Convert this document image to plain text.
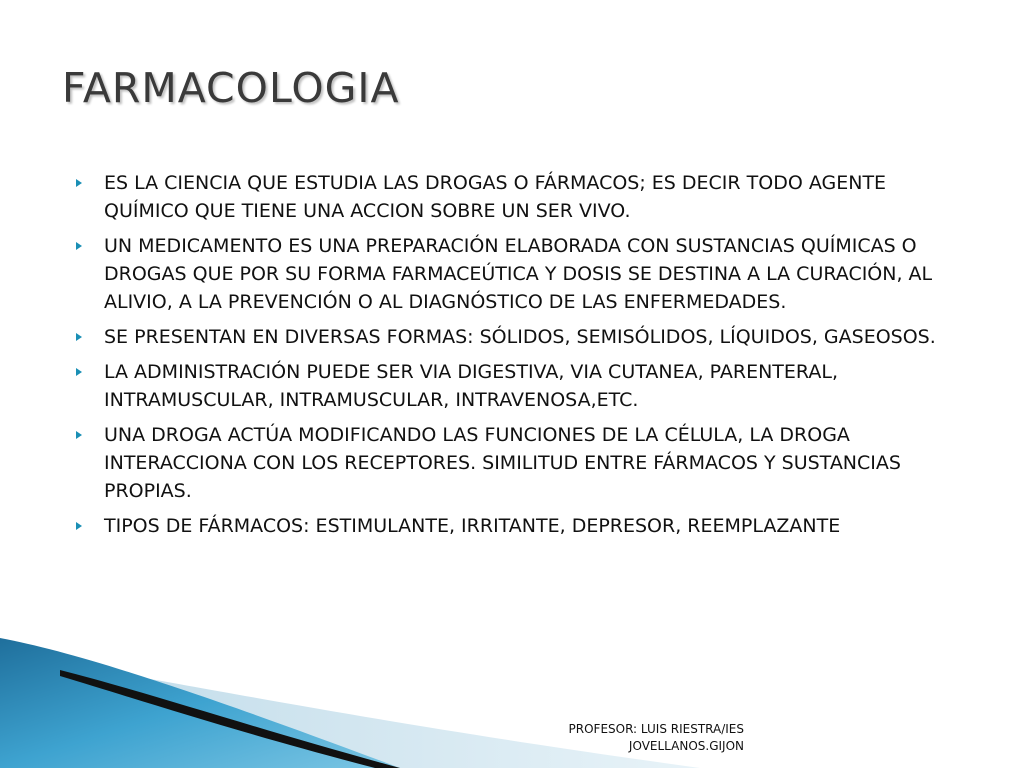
FARMACOLOGIA
ES LA CIENCIA QUE ESTUDIA LAS DROGAS O FÁRMACOS; ES DECIR TODO AGENTE QUÍMICO QUE TIENE UNA ACCION SOBRE UN SER VIVO.
UN MEDICAMENTO ES UNA PREPARACIÓN ELABORADA CON SUSTANCIAS QUÍMICAS O DROGAS QUE POR SU FORMA FARMACEÚTICA Y DOSIS SE DESTINA A LA CURACIÓN, AL ALIVIO, A LA PREVENCIÓN O AL DIAGNÓSTICO DE LAS ENFERMEDADES.
SE PRESENTAN EN DIVERSAS FORMAS: SÓLIDOS, SEMISÓLIDOS, LÍQUIDOS, GASEOSOS.
LA ADMINISTRACIÓN PUEDE SER VIA DIGESTIVA, VIA CUTANEA, PARENTERAL, INTRAMUSCULAR, INTRAMUSCULAR, INTRAVENOSA,ETC.
UNA DROGA ACTÚA MODIFICANDO LAS FUNCIONES DE LA CÉLULA, LA DROGA INTERACCIONA CON LOS RECEPTORES. SIMILITUD ENTRE FÁRMACOS Y SUSTANCIAS PROPIAS.
TIPOS DE FÁRMACOS: ESTIMULANTE, IRRITANTE, DEPRESOR, REEMPLAZANTE
PROFESOR: LUIS RIESTRA/IES
JOVELLANOS.GIJON
